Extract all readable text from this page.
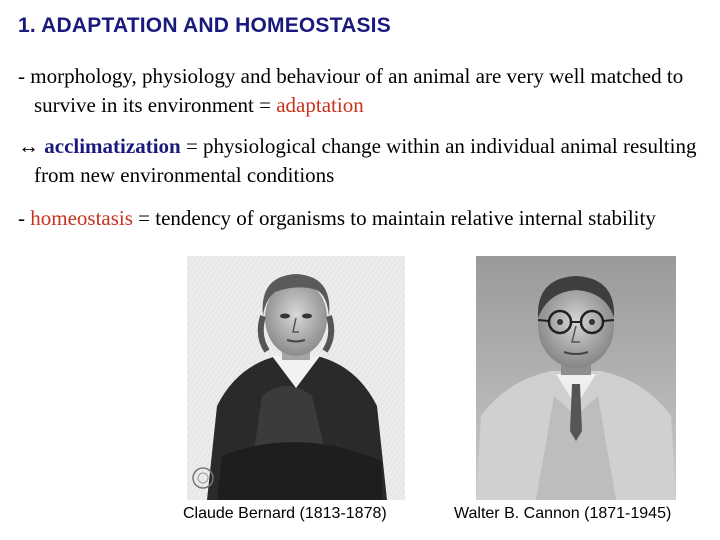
1. ADAPTATION AND HOMEOSTASIS
- morphology, physiology and behaviour of an animal are very well matched to survive in its environment = adaptation
↔ acclimatization = physiological change within an individual animal resulting from new environmental conditions
- homeostasis = tendency of organisms to maintain relative internal stability
Claude Bernard (1813-1878)	Walter B. Cannon (1871-1945)
